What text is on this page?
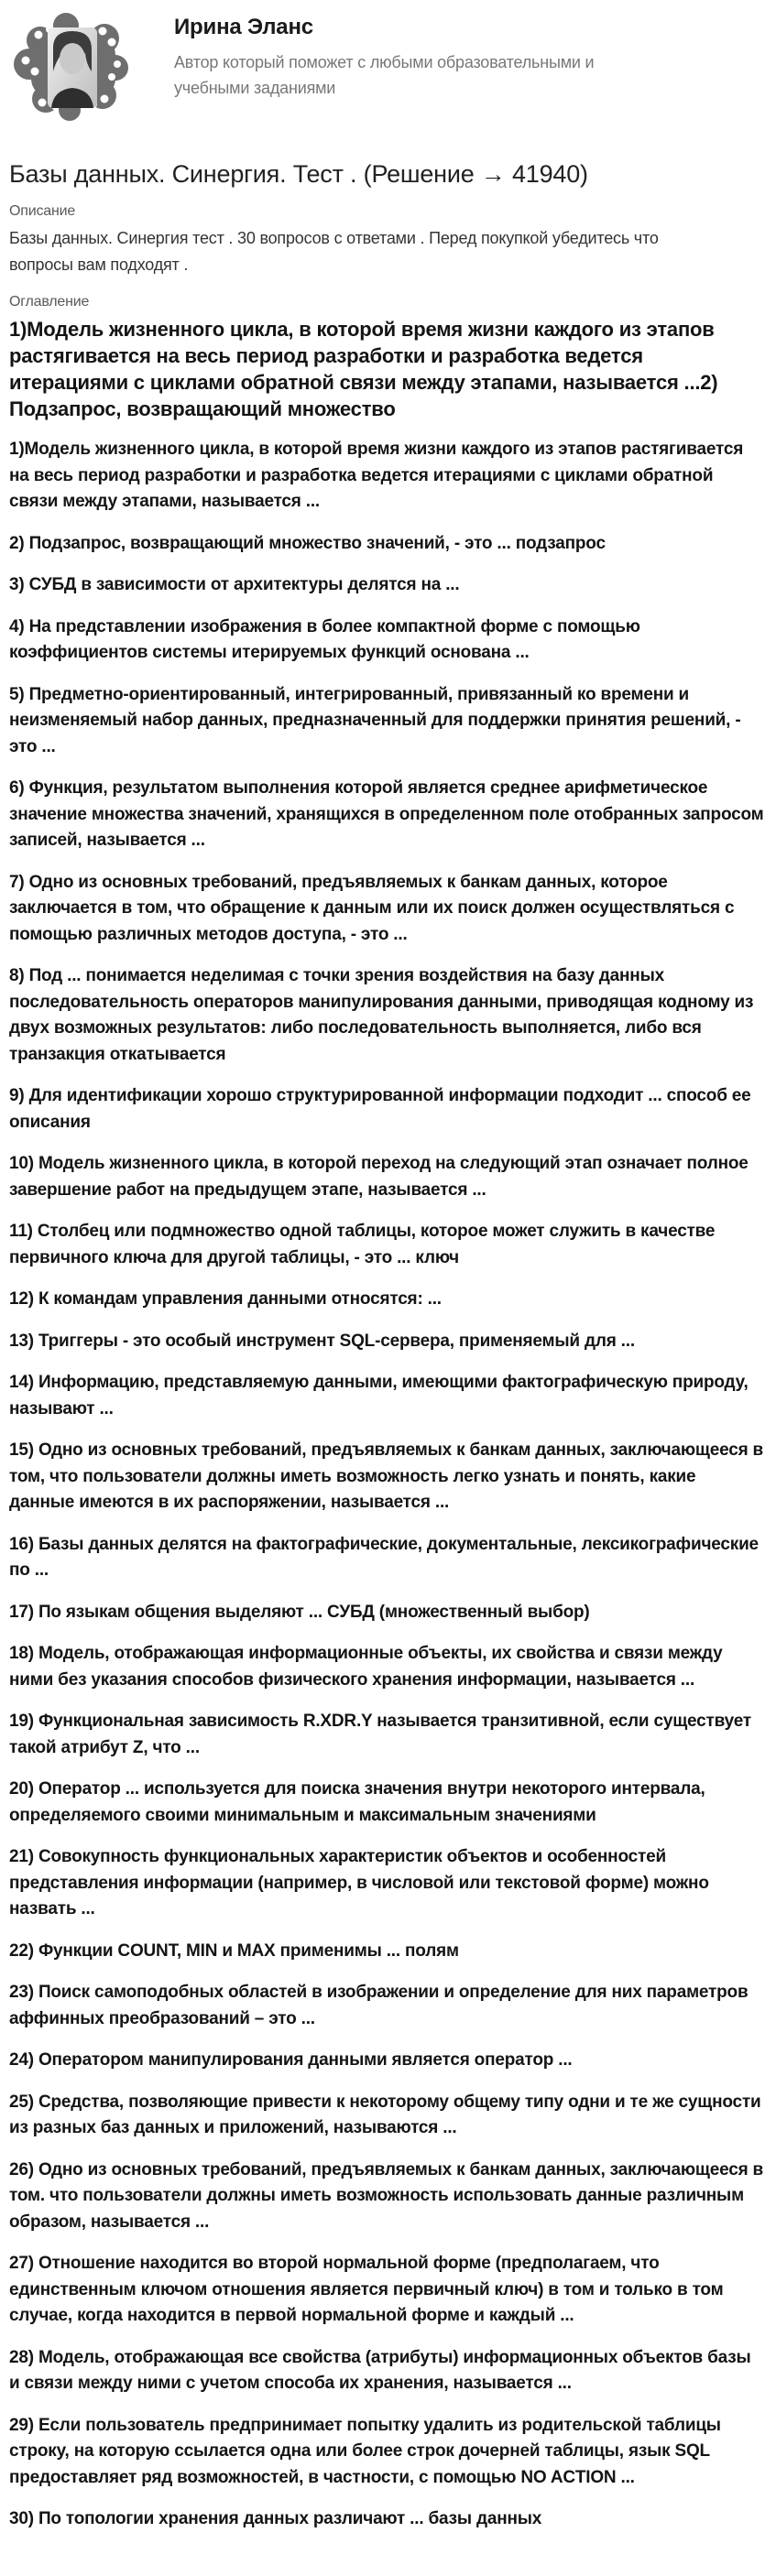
Ирина Эланс
Автор который поможет с любыми образовательными и учебными заданиями
Базы данных. Синергия. Тест . (Решение → 41940)
Описание

Базы данных. Синергия тест . 30 вопросов с ответами . Перед покупкой убедитесь что вопросы вам подходят .

Оглавление
1)Модель жизненного цикла, в которой время жизни каждого из этапов растягивается на весь период разработки и разработка ведется итерациями с циклами обратной связи между этапами, называется ...2) Подзапрос, возвращающий множество

1)Модель жизненного цикла, в которой время жизни каждого из этапов растягивается на весь период разработки и разработка ведется итерациями с циклами обратной связи между этапами, называется ...

2) Подзапрос, возвращающий множество значений, - это ... подзапрос

3) СУБД в зависимости от архитектуры делятся на ...

4) На представлении изображения в более компактной форме с помощью коэффициентов системы итерируемых функций основана ...

5) Предметно-ориентированный, интегрированный, привязанный ко времени и неизменяемый набор данных, предназначенный для поддержки принятия решений, - это ...

6) Функция, результатом выполнения которой является среднее арифметическое значение множества значений, хранящихся в определенном поле отобранных запросом записей, называется ...

7) Одно из основных требований, предъявляемых к банкам данных, которое заключается в том, что обращение к данным или их поиск должен осуществляться с помощью различных методов доступа, - это ...

8) Под ... понимается неделимая с точки зрения воздействия на базу данных последовательность операторов манипулирования данными, приводящая кодному из двух возможных результатов: либо последовательность выполняется, либо вся транзакция откатывается

9) Для идентификации хорошо структурированной информации подходит ... способ ее описания

10) Модель жизненного цикла, в которой переход на следующий этап означает полное завершение работ на предыдущем этапе, называется ...

11) Столбец или подмножество одной таблицы, которое может служить в качестве первичного ключа для другой таблицы, - это ... ключ

12) К командам управления данными относятся: ...

13) Триггеры - это особый инструмент SQL-сервера, применяемый для ...

14) Информацию, представляемую данными, имеющими фактографическую природу, называют ...

15) Одно из основных требований, предъявляемых к банкам данных, заключающееся в том, что пользователи должны иметь возможность легко узнать и понять, какие данные имеются в их распоряжении, называется ...

16) Базы данных делятся на фактографические, документальные, лексикографические по ...

17) По языкам общения выделяют ... СУБД (множественный выбор)

18) Модель, отображающая информационные объекты, их свойства и связи между ними без указания способов физического хранения информации, называется ...

19) Функциональная зависимость R.XDR.Y называется транзитивной, если существует такой атрибут Z, что ...

20) Оператор ... используется для поиска значения внутри некоторого интервала, определяемого своими минимальным и максимальным значениями

21) Совокупность функциональных характеристик объектов и особенностей представления информации (например, в числовой или текстовой форме) можно назвать ...

22) Функции COUNT, MIN и MAX применимы ... полям

23) Поиск самоподобных областей в изображении и определение для них параметров аффинных преобразований – это ...

24) Оператором манипулирования данными является оператор ...

25) Средства, позволяющие привести к некоторому общему типу одни и те же сущности из разных баз данных и приложений, называются ...

26) Одно из основных требований, предъявляемых к банкам данных, заключающееся в том. что пользователи должны иметь возможность использовать данные различным образом, называется ...

27) Отношение находится во второй нормальной форме (предполагаем, что единственным ключом отношения является первичный ключ) в том и только в том случае, когда находится в первой нормальной форме и каждый ...

28) Модель, отображающая все свойства (атрибуты) информационных объектов базы и связи между ними с учетом способа их хранения, называется ...

29) Если пользователь предпринимает попытку удалить из родительской таблицы строку, на которую ссылается одна или более строк дочерней таблицы, язык SQL предоставляет ряд возможностей, в частности, с помощью NO ACTION ...

30) По топологии хранения данных различают ... базы данных
